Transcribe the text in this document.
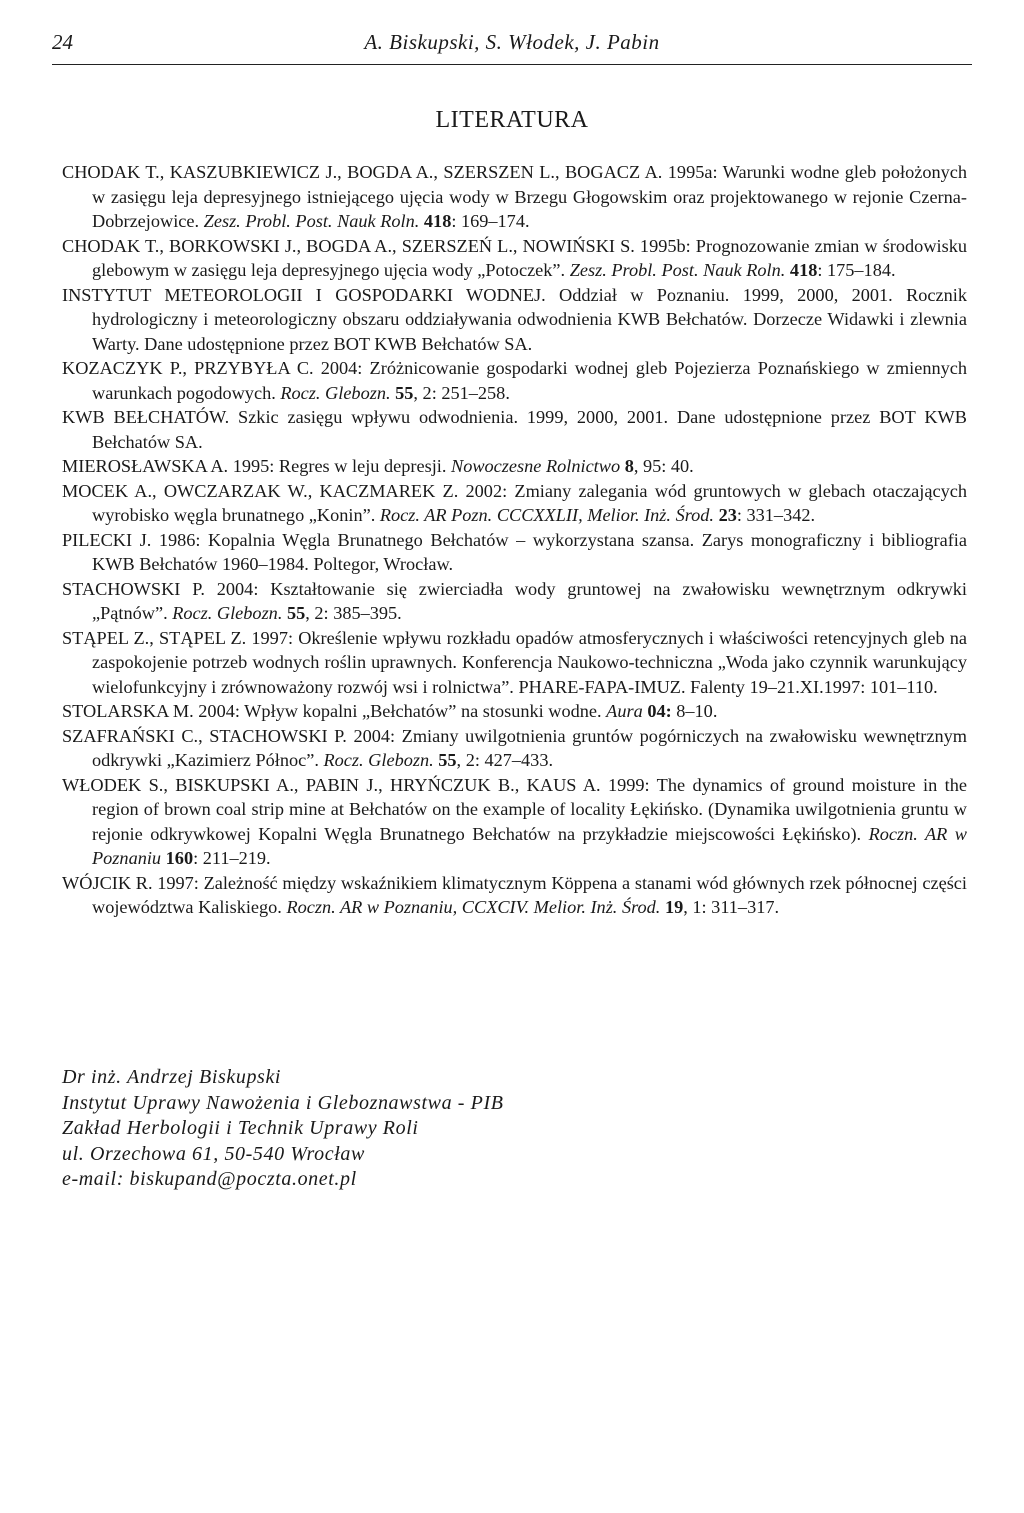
24	A. Biskupski, S. Włodek, J. Pabin
LITERATURA

CHODAK T., KASZUBKIEWICZ J., BOGDA A., SZERSZEN L., BOGACZ A. 1995a: Warunki wodne gleb położonych w zasięgu leja depresyjnego istniejącego ujęcia wody w Brzegu Głogowskim oraz projektowanego w rejonie Czerna-Dobrzejowice. Zesz. Probl. Post. Nauk Roln. 418: 169–174.

CHODAK T., BORKOWSKI J., BOGDA A., SZERSZEŃ L., NOWIŃSKI S. 1995b: Prognozowanie zmian w środowisku glebowym w zasięgu leja depresyjnego ujęcia wody „Potoczek”. Zesz. Probl. Post. Nauk Roln. 418: 175–184.

INSTYTUT METEOROLOGII I GOSPODARKI WODNEJ. Oddział w Poznaniu. 1999, 2000, 2001. Rocznik hydrologiczny i meteorologiczny obszaru oddziaływania odwodnienia KWB Bełchatów. Dorzecze Widawki i zlewnia Warty. Dane udostępnione przez BOT KWB Bełchatów SA.

KOZACZYK P., PRZYBYŁA C. 2004: Zróżnicowanie gospodarki wodnej gleb Pojezierza Poznańskiego w zmiennych warunkach pogodowych. Rocz. Glebozn. 55, 2: 251–258.

KWB BEŁCHATÓW. Szkic zasięgu wpływu odwodnienia. 1999, 2000, 2001. Dane udostępnione przez BOT KWB Bełchatów SA.

MIEROSŁAWSKA A. 1995: Regres w leju depresji. Nowoczesne Rolnictwo 8, 95: 40.

MOCEK A., OWCZARZAK W., KACZMAREK Z. 2002: Zmiany zalegania wód gruntowych w glebach otaczających wyrobisko węgla brunatnego „Konin”. Rocz. AR Pozn. CCCXXLII, Melior. Inż. Środ. 23: 331–342.

PILECKI J. 1986: Kopalnia Węgla Brunatnego Bełchatów – wykorzystana szansa. Zarys monograficzny i bibliografia KWB Bełchatów 1960–1984. Poltegor, Wrocław.

STACHOWSKI P. 2004: Kształtowanie się zwierciadła wody gruntowej na zwałowisku wewnętrznym odkrywki „Pątnów”. Rocz. Glebozn. 55, 2: 385–395.

STĄPEL Z., STĄPEL Z. 1997: Określenie wpływu rozkładu opadów atmosferycznych i właściwości retencyjnych gleb na zaspokojenie potrzeb wodnych roślin uprawnych. Konferencja Naukowo-techniczna „Woda jako czynnik warunkujący wielofunkcyjny i zrównoważony rozwój wsi i rolnictwa”. PHARE-FAPA-IMUZ. Falenty 19–21.XI.1997: 101–110.

STOLARSKA M. 2004: Wpływ kopalni „Bełchatów” na stosunki wodne. Aura 04: 8–10.

SZAFRAŃSKI C., STACHOWSKI P. 2004: Zmiany uwilgotnienia gruntów pogórniczych na zwałowisku wewnętrznym odkrywki „Kazimierz Północ”. Rocz. Glebozn. 55, 2: 427–433.

WŁODEK S., BISKUPSKI A., PABIN J., HRYŃCZUK B., KAUS A. 1999: The dynamics of ground moisture in the region of brown coal strip mine at Bełchatów on the example of locality Łękińsko. (Dynamika uwilgotnienia gruntu w rejonie odkrywkowej Kopalni Węgla Brunatnego Bełchatów na przykładzie miejscowości Łękińsko). Roczn. AR w Poznaniu 160: 211–219.

WÓJCIK R. 1997: Zależność między wskaźnikiem klimatycznym Köppena a stanami wód głównych rzek północnej części województwa Kaliskiego. Roczn. AR w Poznaniu, CCXCIV. Melior. Inż. Środ. 19, 1: 311–317.

Dr inż. Andrzej Biskupski
Instytut Uprawy Nawożenia i Gleboznawstwa - PIB
Zakład Herbologii i Technik Uprawy Roli
ul. Orzechowa 61, 50-540 Wrocław
e-mail: biskupand@poczta.onet.pl
